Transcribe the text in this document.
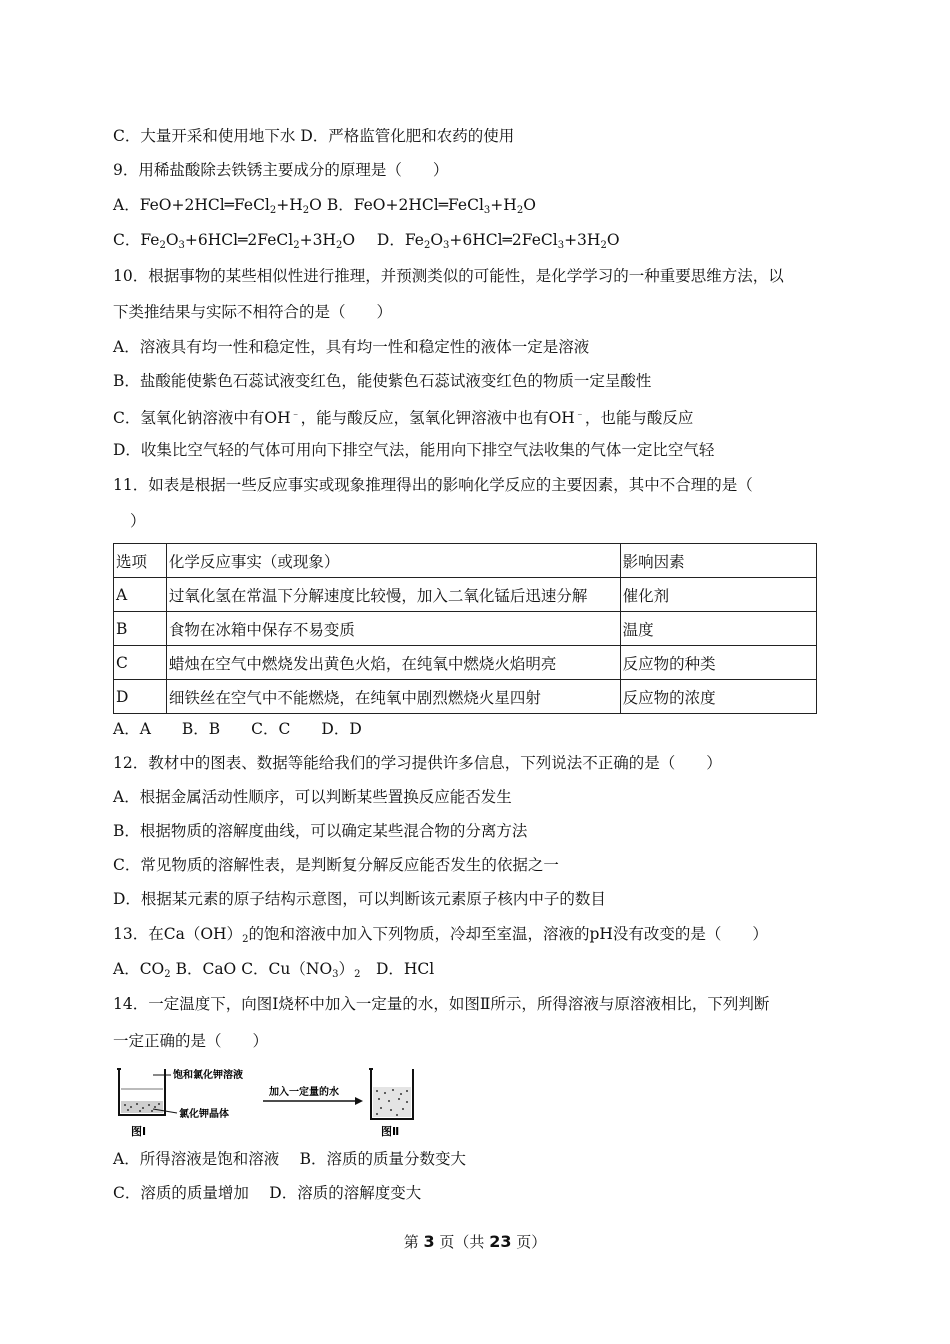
C．大量开采和使用地下水 D．严格监管化肥和农药的使用
9．用稀盐酸除去铁锈主要成分的原理是（　　）
A．$FeO+2HCl═FeCl_2+H_2O$ B．$FeO+2HCl═FeCl_3+H_2O$
C．$Fe_2O_3+6HCl═2FeCl_2+3H_2O$ D．$Fe_2O_3+6HCl═2FeCl_3+3H_2O$
10．根据事物的某些相似性进行推理，并预测类似的可能性，是化学学习的一种重要思维方法，以
下类推结果与实际不相符合的是（　　）
A．溶液具有均一性和稳定性，具有均一性和稳定性的液体一定是溶液
B．盐酸能使紫色石蕊试液变红色，能使紫色石蕊试液变红色的物质一定呈酸性
C．氢氧化钠溶液中有OH﹣，能与酸反应，氢氧化钾溶液中也有OH﹣，也能与酸反应
D．收集比空气轻的气体可用向下排空气法，能用向下排空气法收集的气体一定比空气轻
11．如表是根据一些反应事实或现象推理得出的影响化学反应的主要因素，其中不合理的是（
）
选项	化学反应事实（或现象）	影响因素
A	过氧化氢在常温下分解速度比较慢，加入二氧化锰后迅速分解	催化剂
B	食物在冰箱中保存不易变质	温度
C	蜡烛在空气中燃烧发出黄色火焰，在纯氧中燃烧火焰明亮	反应物的种类
D	细铁丝在空气中不能燃烧，在纯氧中剧烈燃烧火星四射	反应物的浓度
A．A　　B．B　　C．C　　D．D
12．教材中的图表、数据等能给我们的学习提供许多信息，下列说法不正确的是（　　）
A．根据金属活动性顺序，可以判断某些置换反应能否发生
B．根据物质的溶解度曲线，可以确定某些混合物的分离方法
C．常见物质的溶解性表，是判断复分解反应能否发生的依据之一
D．根据某元素的原子结构示意图，可以判断该元素原子核内中子的数目
13．在$Ca(OH)_2$的饱和溶液中加入下列物质，冷却至室温，溶液的pH没有改变的是（　　）
A．$CO_2$ B．CaO C．$Cu(NO_3)_2$　D．HCl
14．一定温度下，向图Ⅰ烧杯中加入一定量的水，如图Ⅱ所示，所得溶液与原溶液相比，下列判断
一定正确的是（　　）
饱和氯化钾溶液
氯化钾晶体
加入一定量的水
图Ⅰ	图Ⅱ
A．所得溶液是饱和溶液　 B．溶质的质量分数变大
C．溶质的质量增加　 D．溶质的溶解度变大
第 3 页（共 23 页）
